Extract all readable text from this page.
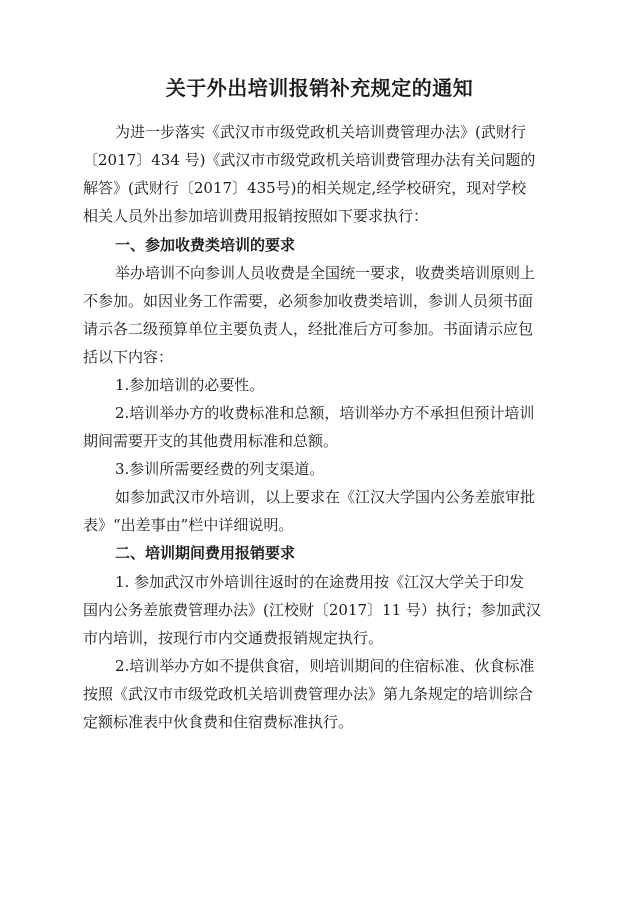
关于外出培训报销补充规定的通知
为进一步落实《武汉市市级党政机关培训费管理办法》(武财行
〔2017〕434 号)《武汉市市级党政机关培训费管理办法有关问题的
解答》(武财行〔2017〕435号)的相关规定,经学校研究，现对学校
相关人员外出参加培训费用报销按照如下要求执行：
一、参加收费类培训的要求
举办培训不向参训人员收费是全国统一要求，收费类培训原则上
不参加。如因业务工作需要，必须参加收费类培训，参训人员须书面
请示各二级预算单位主要负责人，经批准后方可参加。书面请示应包
括以下内容：
1.参加培训的必要性。
2.培训举办方的收费标准和总额，培训举办方不承担但预计培训
期间需要开支的其他费用标准和总额。
3.参训所需要经费的列支渠道。
如参加武汉市外培训，以上要求在《江汉大学国内公务差旅审批
表》“出差事由”栏中详细说明。
二、培训期间费用报销要求
1. 参加武汉市外培训往返时的在途费用按《江汉大学关于印发
国内公务差旅费管理办法》(江校财〔2017〕11 号）执行；参加武汉
市内培训，按现行市内交通费报销规定执行。
2.培训举办方如不提供食宿，则培训期间的住宿标准、伙食标准
按照《武汉市市级党政机关培训费管理办法》第九条规定的培训综合
定额标准表中伙食费和住宿费标准执行。
